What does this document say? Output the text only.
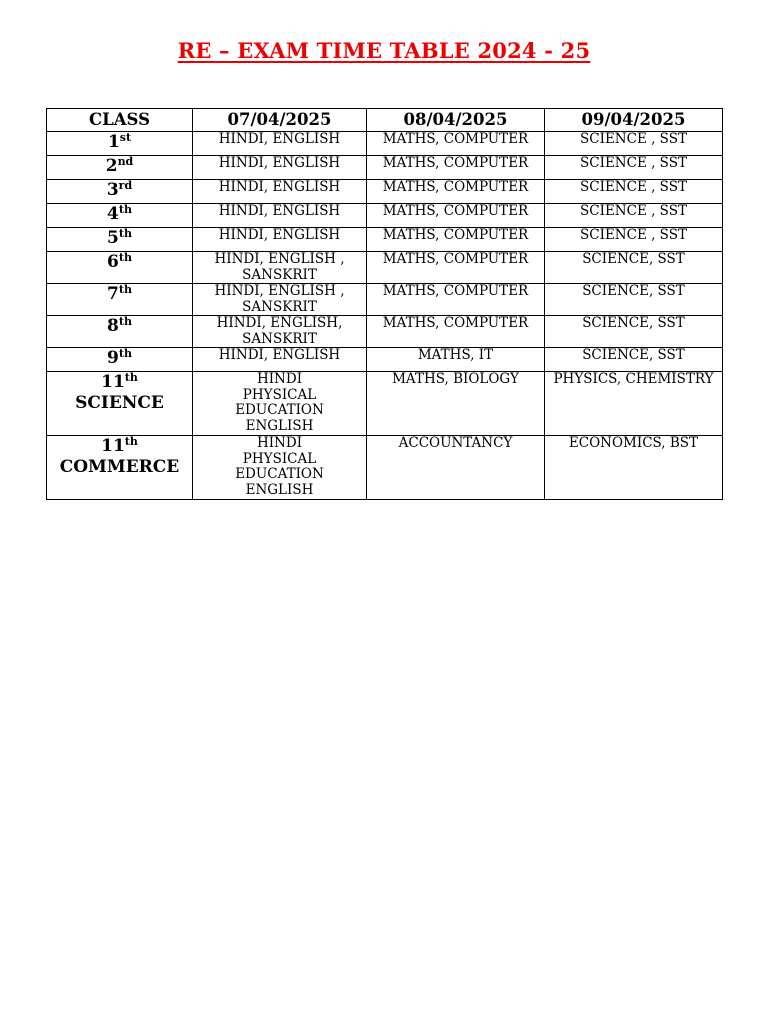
RE – EXAM TIME TABLE 2024 - 25
CLASS	07/04/2025	08/04/2025	09/04/2025
1st	HINDI, ENGLISH	MATHS, COMPUTER	SCIENCE , SST

2nd	HINDI, ENGLISH	MATHS, COMPUTER	SCIENCE , SST

3rd	HINDI, ENGLISH	MATHS, COMPUTER	SCIENCE , SST

4th	HINDI, ENGLISH	MATHS, COMPUTER	SCIENCE , SST

5th	HINDI, ENGLISH	MATHS, COMPUTER	SCIENCE , SST

6th	HINDI, ENGLISH ,
SANSKRIT	MATHS, COMPUTER	SCIENCE, SST

7th	HINDI, ENGLISH ,
SANSKRIT	MATHS, COMPUTER	SCIENCE, SST

8th	HINDI, ENGLISH,
SANSKRIT	MATHS, COMPUTER	SCIENCE, SST

9th	HINDI, ENGLISH	MATHS, IT	SCIENCE, SST

11th
SCIENCE	HINDI
PHYSICAL
EDUCATION
ENGLISH	MATHS, BIOLOGY	PHYSICS, CHEMISTRY

11th
COMMERCE	HINDI
PHYSICAL
EDUCATION
ENGLISH	ACCOUNTANCY	ECONOMICS, BST
